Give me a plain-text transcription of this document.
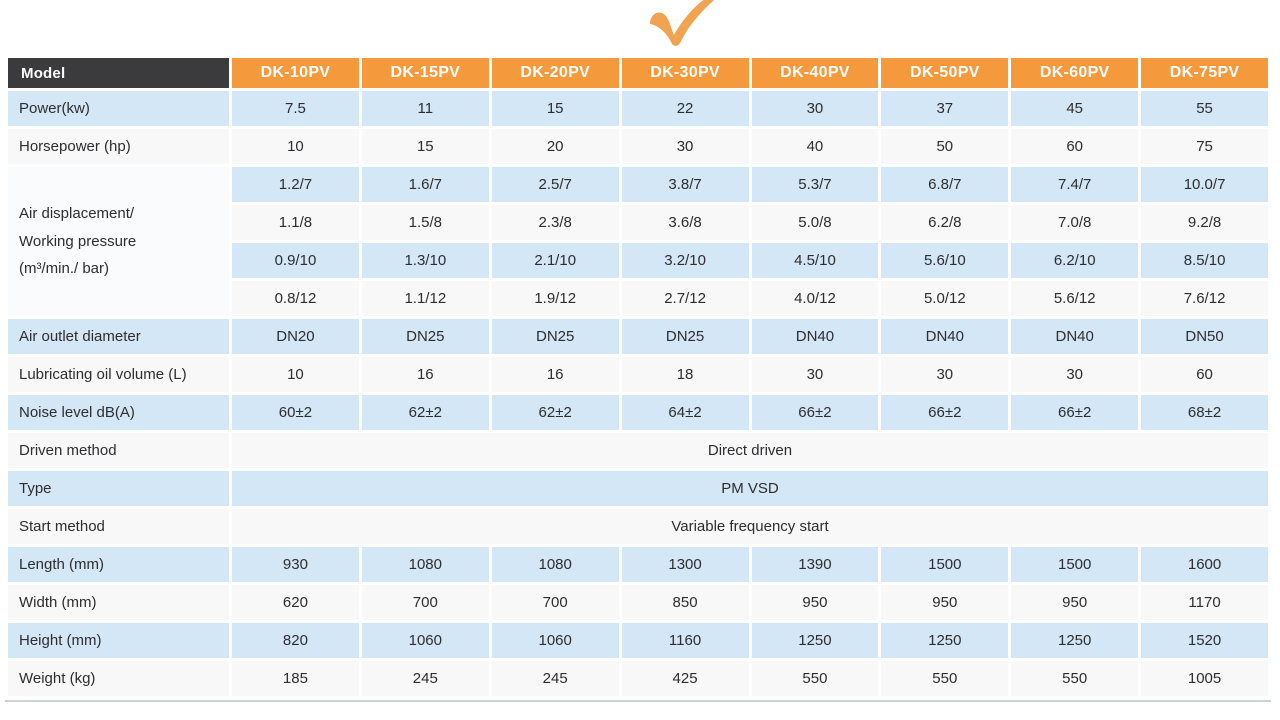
Model	DK-10PV	DK-15PV	DK-20PV	DK-30PV	DK-40PV	DK-50PV	DK-60PV	DK-75PV
Power(kw)	7.5	11	15	22	30	37	45	55
Horsepower (hp)	10	15	20	30	40	50	60	75

Air displacement/
Working pressure
(m³/min./ bar)	1.2/7	1.6/7	2.5/7	3.8/7	5.3/7	6.8/7	7.4/7	10.0/7
	1.1/8	1.5/8	2.3/8	3.6/8	5.0/8	6.2/8	7.0/8	9.2/8
	0.9/10	1.3/10	2.1/10	3.2/10	4.5/10	5.6/10	6.2/10	8.5/10
	0.8/12	1.1/12	1.9/12	2.7/12	4.0/12	5.0/12	5.6/12	7.6/12
Air outlet diameter	DN20	DN25	DN25	DN25	DN40	DN40	DN40	DN50
Lubricating oil volume (L)	10	16	16	18	30	30	30	60
Noise level dB(A)	60±2	62±2	62±2	64±2	66±2	66±2	66±2	68±2
Driven method	Direct driven							
Type	PM VSD							
Start method	Variable frequency start							
Length (mm)	930	1080	1080	1300	1390	1500	1500	1600
Width (mm)	620	700	700	850	950	950	950	1170
Height (mm)	820	1060	1060	1160	1250	1250	1250	1520
Weight (kg)	185	245	245	425	550	550	550	1005
